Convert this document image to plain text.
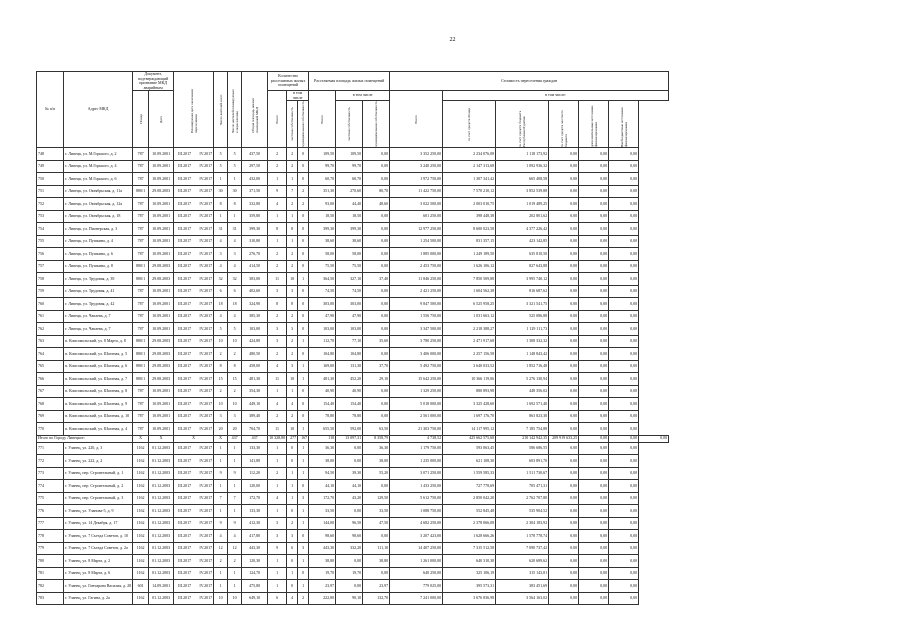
22
№ п/п	Адрес МКД	Документ, подтверждающий признание МКД аварийным		Планируемая дата окончания переселения	Число жителей всего	Число жителей планируемых к переселению	Общая площадь жилых помещений МКД	Количество расселяемых жилых помещений			Расселяемая площадь жилых помещений			Стоимость переселения граждан						

		Номер	Дата					Всего	в том числе		Всего	в том числе		Всего	в том числе:					

									частная собственность	муниципальная собственность		частная собственность	муниципальная собственность		за счет средств Фонда	за счет средств бюджета Республики Бурятия	за счет средств местного бюджета	дополнительные источники финансирования	Внебюджетные источники финансирования	

748	г. Липецк, ул. М.Горького, д. 2	787	10.09.2001	III.2017 IV.2017	5	5	437,50	2	2	0	109,50	109,50	0,00	3 352 250,00	2 234 076,08	1 118 173,92	0,00	0,00	0,00	
749	г. Липецк, ул. М.Горького, д. 4	787	10.09.2001	III.2017 IV.2017	5	5	297,50	2	2	0	99,70	99,70	0,00	3 240 250,00	2 147 313,68	1 092 936,32	0,00	0,00	0,00	
750	г. Липецк, ул. М.Горького, д. 6	787	10.09.2001	III.2017 IV.2017	1	1	432,00	1	1	0	60,70	60,70	0,00	1 972 750,00	1 307 341,42	665 408,58	0,00	0,00	0,00	
751	г. Липецк, ул. Октябрьская, д. 11а	880/1	29.08.2003	III.2017 IV.2017	30	30	371,50	9	7	2	351,30	270,60	80,70	11 422 750,00	7 570 210,12	3 852 539,88	0,00	0,00	0,00	
752	г. Липецк, ул. Октябрьская, д. 12а	787	10.09.2001	III.2017 IV.2017	8	8	332,80	4	2	2	93,00	44,40	48,60	3 022 500,00	2 003 010,75	1 019 489,25	0,00	0,00	0,00	
753	г. Липецк, ул. Октябрьская, д. 18	787	10.09.2001	III.2017 IV.2017	1	1	359,80	1	1	0	18,50	18,50	0,00	601 250,00	398 448,38	202 801,62	0,00	0,00	0,00	
754	г. Липецк, ул. Пионерская, д. 3	787	10.09.2001	III.2017 IV.2017	31	31	399,30	8	8	0	399,30	399,30	0,00	12 977 250,00	8 600 023,58	4 377 226,42	0,00	0,00	0,00	
755	г. Липецк, ул. Пушкина, д. 4	787	10.09.2001	III.2017 IV.2017	4	4	310,80	1	1	0	38,60	38,60	0,00	1 254 500,00	831 357,15	423 142,85	0,00	0,00	0,00	
756	г. Липецк, ул. Пушкина, д. 6	787	10.09.2001	III.2017 IV.2017	3	3	276,70	2	2	0	58,00	58,00	0,00	1 885 000,00	1 249 189,50	635 810,50	0,00	0,00	0,00	
757	г. Липецк, ул. Пушкина, д. 8	880/1	29.08.2003	III.2017 IV.2017	4	4	414,50	2	2	0	75,50	75,50	0,00	2 453 750,00	1 626 106,12	827 643,88	0,00	0,00	0,00	
758	г. Липецк, ул. Трудовая, д. 39	880/1	29.08.2003	III.2017 IV.2017	32	32	383,00	11	10	1	364,50	327,10	37,40	11 846 250,00	7 850 509,88	3 995 740,12	0,00	0,00	0,00	
759	г. Липецк, ул. Трудовая, д. 41	787	10.09.2001	III.2017 IV.2017	6	6	402,60	3	3	0	74,50	74,50	0,00	2 421 250,00	1 604 562,38	816 687,62	0,00	0,00	0,00	
760	г. Липецк, ул. Трудовая, д. 42	787	10.09.2001	III.2017 IV.2017	18	18	324,90	8	8	0	303,00	303,00	0,00	9 847 500,00	6 525 958,25	3 321 541,75	0,00	0,00	0,00	
761	г. Липецк, ул. Чапаева, д. 7	787	10.09.2001	III.2017 IV.2017	4	4	385,30	2	2	0	47,90	47,90	0,00	1 556 750,00	1 031 663,12	525 086,88	0,00	0,00	0,00	
762	г. Липецк, ул. Чапаева, д. 7	787	10.09.2001	III.2017 IV.2017	5	5	103,00	3	3	0	103,00	103,00	0,00	3 347 500,00	2 218 388,27	1 129 111,73	0,00	0,00	0,00	
763	п. Комсомольский, ул. 8 Марта, д. 8	880/1	29.08.2003	III.2017 IV.2017	10	10	424,80	3	2	1	112,70	77,10	35,60	3 780 250,00	2 471 917,68	1 308 332,32	0,00	0,00	0,00	
764	п. Комсомольский, ул. Шахтная, д. 5	880/1	29.08.2003	III.2017 IV.2017	2	2	480,50	2	2	0	104,80	104,80	0,00	3 406 000,00	2 257 156,58	1 148 843,42	0,00	0,00	0,00	
765	п. Комсомольский, ул. Шахтная, д. 6	880/1	29.08.2003	III.2017 IV.2017	8	8	458,00	4	3	1	169,00	131,30	37,70	5 492 750,00	3 640 033,52	1 852 716,48	0,00	0,00	0,00	
766	п. Комсомольский, ул. Шахтная, д. 7	880/1	29.08.2003	III.2017 IV.2017	15	15	481,30	11	10	1	481,30	452,20	29,10	15 642 250,00	10 366 119,06	5 276 130,94	0,00	0,00	0,00	
767	п. Комсомольский, ул. Шахтная, д. 8	787	10.09.2001	III.2017 IV.2017	2	2	354,30	1	1	0	40,90	40,90	0,00	1 329 250,00	880 893,98	448 356,02	0,00	0,00	0,00	
768	п. Комсомольский, ул. Шахтная, д. 9	787	10.09.2001	III.2017 IV.2017	10	10	449,10	4	4	0	154,40	154,40	0,00	5 018 000,00	3 325 428,60	1 692 571,40	0,00	0,00	0,00	
769	п. Комсомольский, ул. Шахтная, д. 10	787	10.09.2001	III.2017 IV.2017	3	3	389,40	2	2	0	78,80	78,80	0,00	2 561 000,00	1 697 176,70	863 823,30	0,00	0,00	0,00	
770	п. Комсомольский, ул. Шахтная, д. 4	787	10.09.2001	III.2017 IV.2017	20	20	704,70	11	10	1	655,50	592,00	63,50	21 303 750,00	14 117 995,12	7 185 754,88	0,00	0,00	0,00	
Итого по Городу Липецкое:		Х	Х	Х	Х	437	437	10 328,80	277	167	110	13 097,31	8 358,79	4 738,52	425 662 575,60	210 142 942,35	209 919 633,25	0,00	0,00	0,00
771	г. Уланец, ул. 220, д. 3	1162	01.12.2003	III.2017 IV.2017	1	1	133,30	1	0	1	36,30	0,00	36,30	1 179 750,00	593 063,45	586 686,55	0,00	0,00	0,00	
772	г. Уланец, ул. 222, д. 2	1162	01.12.2003	III.2017 IV.2017	1	1	141,80	1	0	1	38,00	0,00	38,00	1 235 000,00	621 108,30	603 891,70	0,00	0,00	0,00	
773	г. Уланец, пер. Строительный, д. 1	1162	01.12.2003	III.2017 IV.2017	9	9	112,20	2	1	1	94,50	39,30	55,20	3 071 250,00	1 559 585,33	1 511 730,67	0,00	0,00	0,00	
774	г. Уланец, пер. Строительный, д. 2	1162	01.12.2003	III.2017 IV.2017	1	1	120,00	1	1	0	44,10	44,10	0,00	1 433 250,00	727 778,69	705 471,31	0,00	0,00	0,00	
775	г. Уланец, пер. Строительный, д. 3	1162	01.12.2003	III.2017 IV.2017	7	7	172,70	4	1	3	172,70	43,20	129,50	5 612 750,00	2 850 042,20	2 762 707,80	0,00	0,00	0,00	
776	г. Уланец, ул. Уланова-5, д. 9	1162	01.12.2003	III.2017 IV.2017	1	1	133,30	1	0	1	33,50	0,00	33,50	1 088 750,00	552 845,48	535 904,52	0,00	0,00	0,00	
777	г. Уланец, ул. 14 Декабря, д. 17	1162	01.12.2003	III.2017 IV.2017	9	9	412,30	3	2	1	144,00	96,50	47,50	4 682 250,00	2 378 066,08	2 304 183,92	0,00	0,00	0,00	
778	г. Уланец, ул. 7 Съезда Советов, д. 10	1162	01.12.2003	III.2017 IV.2017	4	4	417,80	3	3	0	98,60	98,60	0,00	3 207 423,00	1 628 666,26	1 578 778,74	0,00	0,00	0,00	
779	г. Уланец, ул. 7 Съезда Советов, д. 2а	1162	01.12.2003	III.2017 IV.2017	12	12	443,30	9	6	3	443,30	332,20	111,10	14 407 250,00	7 315 512,58	7 090 737,42	0,00	0,00	0,00	
780	г. Уланец, ул. 8 Марта, д. 2	1162	01.12.2003	III.2017 IV.2017	2	2	120,30	1	0	1	38,80	0,00	38,80	1 261 000,00	640 310,38	620 689,62	0,00	0,00	0,00	
781	г. Уланец, ул. 8 Марта, д. 6	1162	01.12.2003	III.2017 IV.2017	1	1	124,70	1	1	0	19,70	19,70	0,00	640 250,00	325 106,19	315 143,81	0,00	0,00	0,00	
782	г. Уланец, ул. Гончарова Василия, д. 28	601	14.09.2001	III.2017 IV.2017	1	1	475,80	1	0	1	23,97	0,00	23,97	779 025,00	395 573,31	383 451,69	0,00	0,00	0,00	
783	г. Уланец, ул. Гагина, д. 2а	1162	01.12.2003	III.2017 IV.2017	10	10	649,10	6	4	2	222,80	90,10	132,70	7 241 000,00	3 676 836,98	3 564 163,02	0,00	0,00	0,00	
